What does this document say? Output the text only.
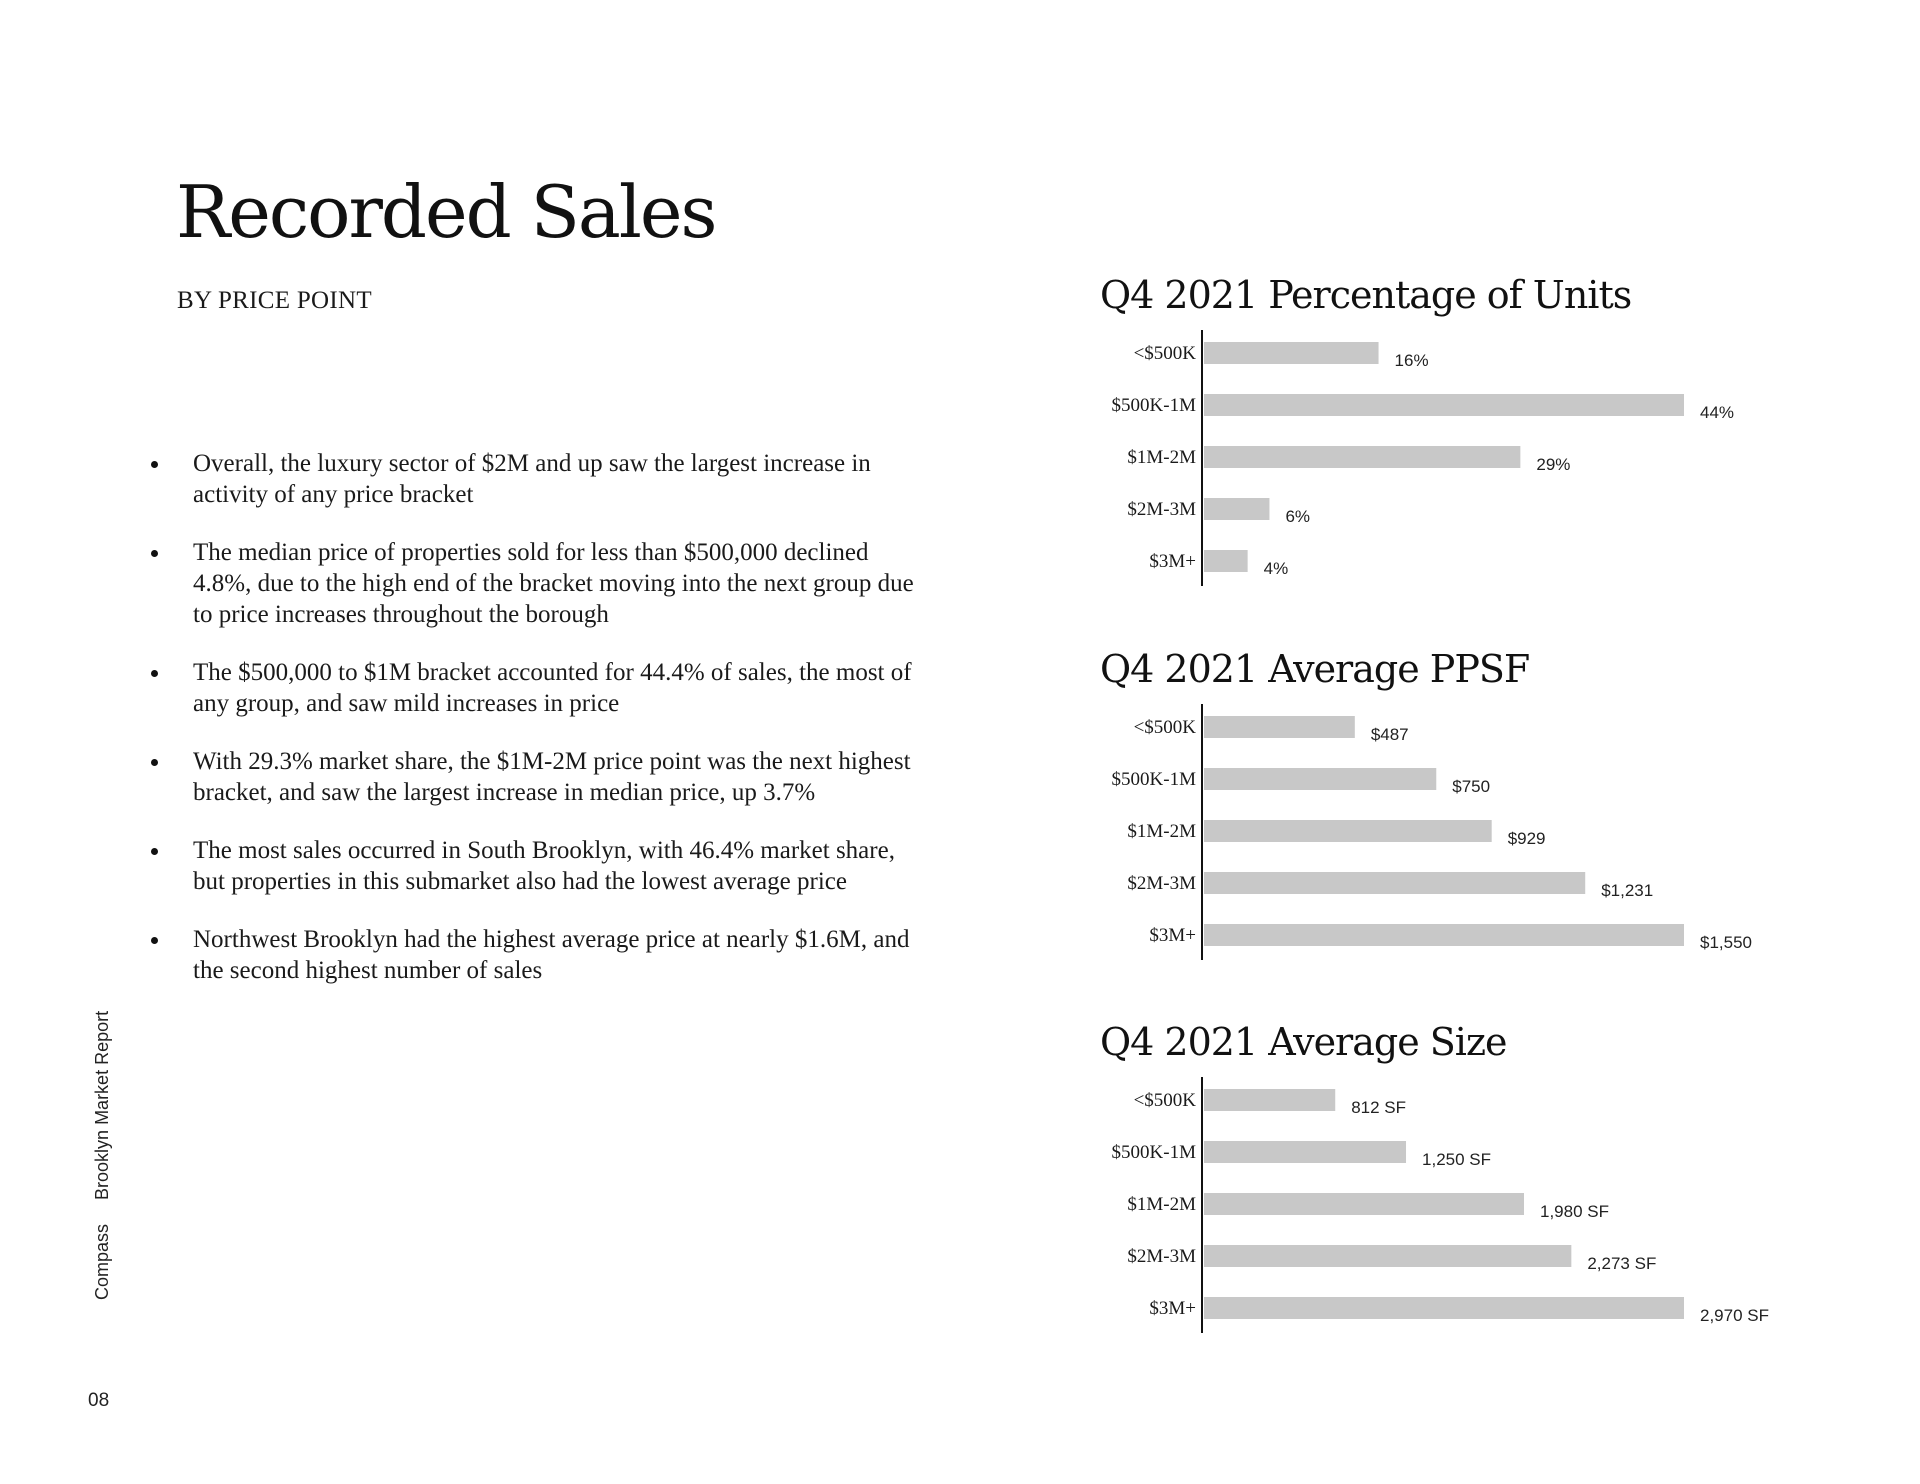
Recorded Sales
BY PRICE POINT
Overall, the luxury sector of $2M and up saw the largest increase in activity of any price bracket
The median price of properties sold for less than $500,000 declined 4.8%, due to the high end of the bracket moving into the next group due to price increases throughout the borough
The $500,000 to $1M bracket accounted for 44.4% of sales, the most of any group, and saw mild increases in price
With 29.3% market share, the $1M-2M price point was the next highest bracket, and saw the largest increase in median price, up 3.7%
The most sales occurred in South Brooklyn, with 46.4% market share, but properties in this submarket also had the lowest average price
Northwest Brooklyn had the highest average price at nearly $1.6M, and the second highest number of sales
Compass
Brooklyn Market Report
08
Q4 2021 Percentage of Units
<$500K	16%
$500K-1M	44%
$1M-2M	29%
$2M-3M	6%
$3M+	4%
Q4 2021 Average PPSF
<$500K	$487
$500K-1M	$750
$1M-2M	$929
$2M-3M	$1,231
$3M+	$1,550
Q4 2021 Average Size
<$500K	812 SF
$500K-1M	1,250 SF
$1M-2M	1,980 SF
$2M-3M	2,273 SF
$3M+	2,970 SF
